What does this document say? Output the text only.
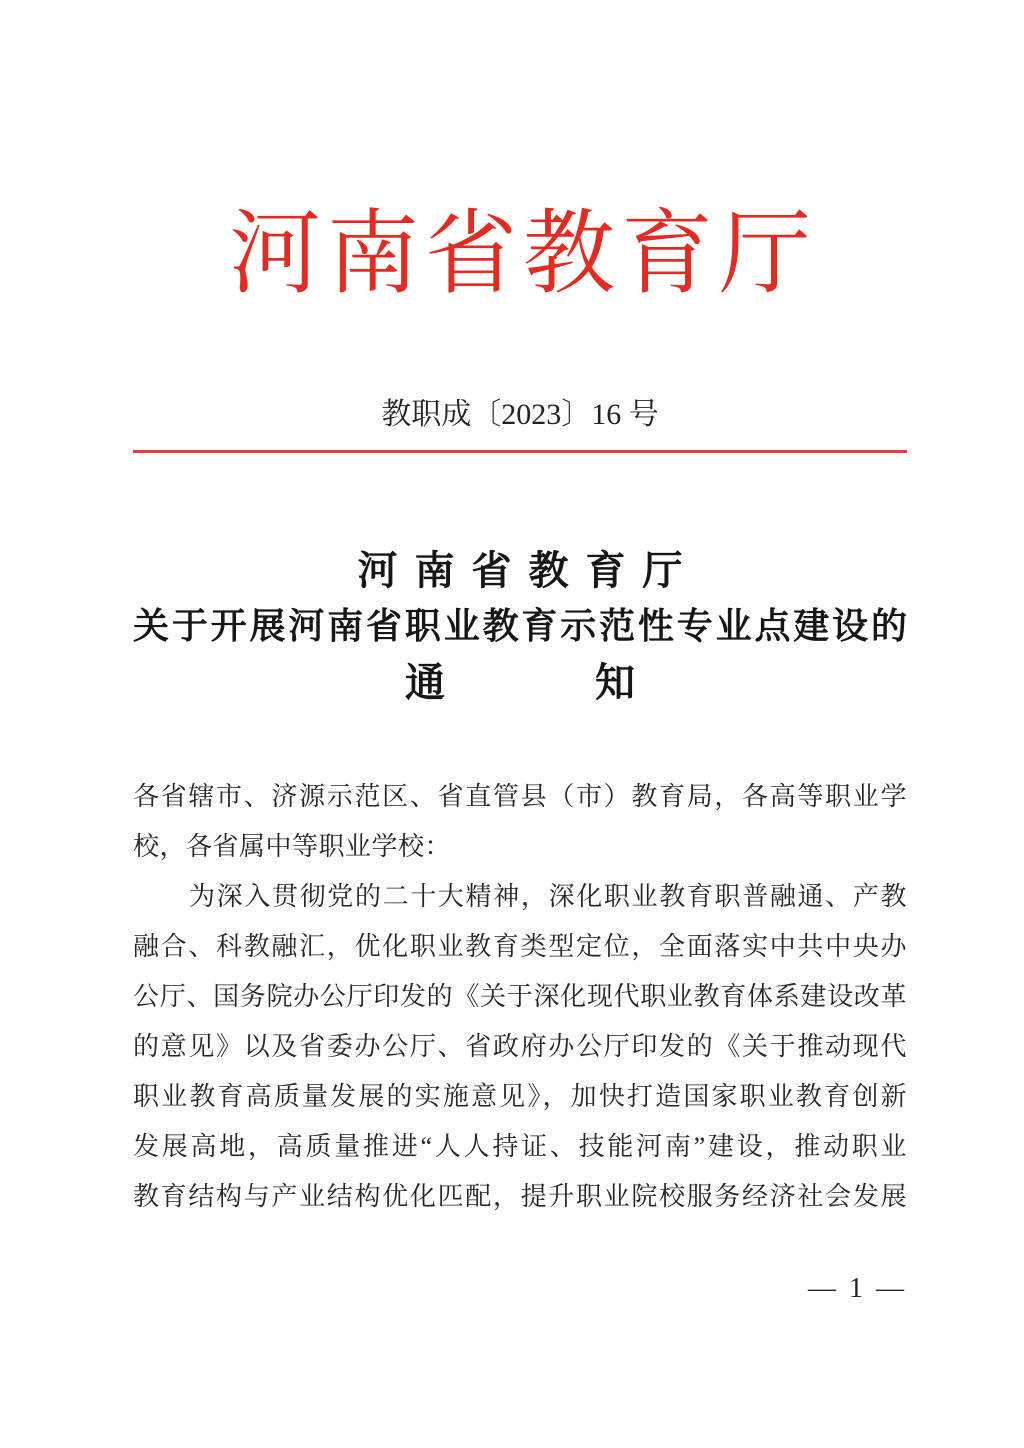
河南省教育厅
教职成〔2023〕16 号
河南省教育厅
关于开展河南省职业教育示范性专业点建设的
通	知
各省辖市、济源示范区、省直管县（市）教育局，各高等职业学
校，各省属中等职业学校：
为深入贯彻党的二十大精神，深化职业教育职普融通、产教
融合、科教融汇，优化职业教育类型定位，全面落实中共中央办
公厅、国务院办公厅印发的《关于深化现代职业教育体系建设改革
的意见》以及省委办公厅、省政府办公厅印发的《关于推动现代
职业教育高质量发展的实施意见》，加快打造国家职业教育创新
发展高地，高质量推进“人人持证、技能河南”建设，推动职业
教育结构与产业结构优化匹配，提升职业院校服务经济社会发展
— 1 —
